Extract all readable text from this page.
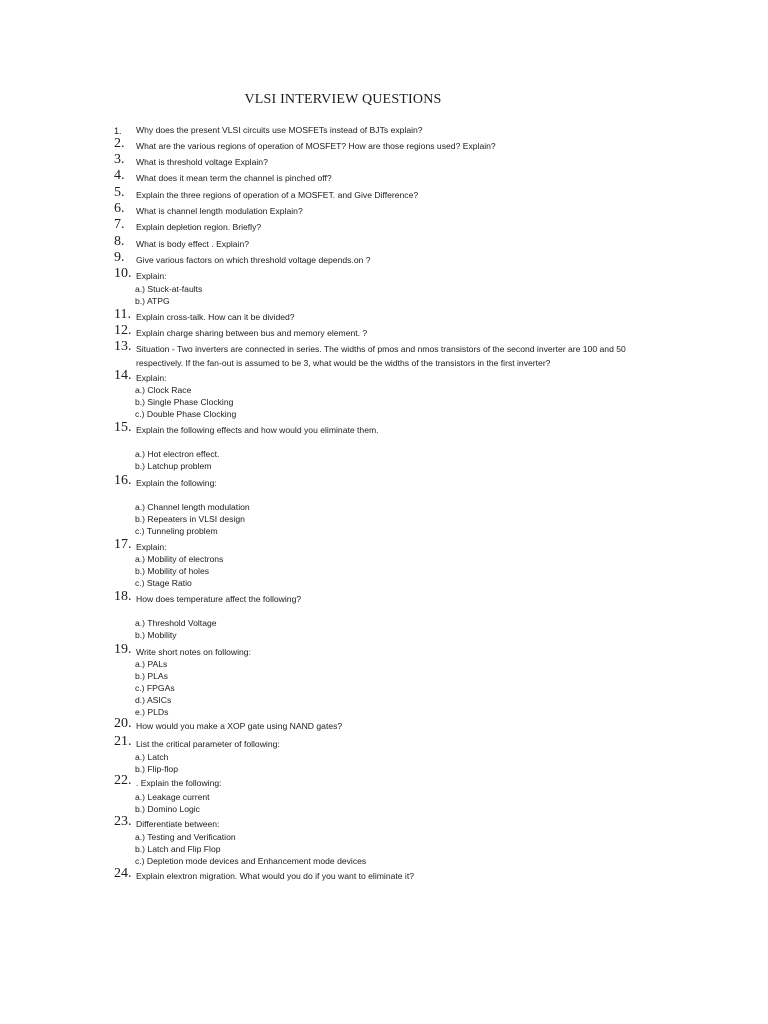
VLSI INTERVIEW QUESTIONS
1.	Why does the present VLSI circuits use MOSFETs instead of BJTs explain?
2.	What are the various regions of operation of MOSFET? How are those regions used? Explain?
3.	What is threshold voltage Explain?
4.	What does it mean term the channel is pinched off?
5.	Explain the three regions of operation of a MOSFET. and Give Difference?
6.	What is channel length modulation Explain?
7.	Explain depletion region. Briefly?
8.	What is body effect . Explain?
9.	Give various factors on which threshold voltage depends.on ?
10. Explain:
a.) Stuck-at-faults
b.) ATPG
11. Explain cross-talk. How can it be divided?
12. Explain charge sharing between bus and memory element. ?
13. Situation - Two inverters are connected in series. The widths of pmos and nmos transistors of the second inverter are 100 and 50
respectively. If the fan-out is assumed to be 3, what would be the widths of the transistors in the first inverter?
14. Explain:
a.) Clock Race
b.) Single Phase Clocking
c.) Double Phase Clocking
15. Explain the following effects and how would you eliminate them.
a.) Hot electron effect.
b.) Latchup problem
16. Explain the following:
a.) Channel length modulation
b.) Repeaters in VLSI design
c.) Tunneling problem
17. Explain:
a.) Mobility of electrons
b.) Mobility of holes
c.) Stage Ratio
18. How does temperature affect the following?
a.) Threshold Voltage
b.) Mobility
19. Write short notes on following:
a.) PALs
b.) PLAs
c.) FPGAs
d.) ASICs
e.) PLDs
20. How would you make a XOP gate using NAND gates?
21. List the critical parameter of following:
a.) Latch
b.) Flip-flop
22. . Explain the following:
a.) Leakage current
b.) Domino Logic
23. Differentiate between:
a.) Testing and Verification
b.) Latch and Flip Flop
c.) Depletion mode devices and Enhancement mode devices
24. Explain elextron migration. What would you do if you want to eliminate it?
